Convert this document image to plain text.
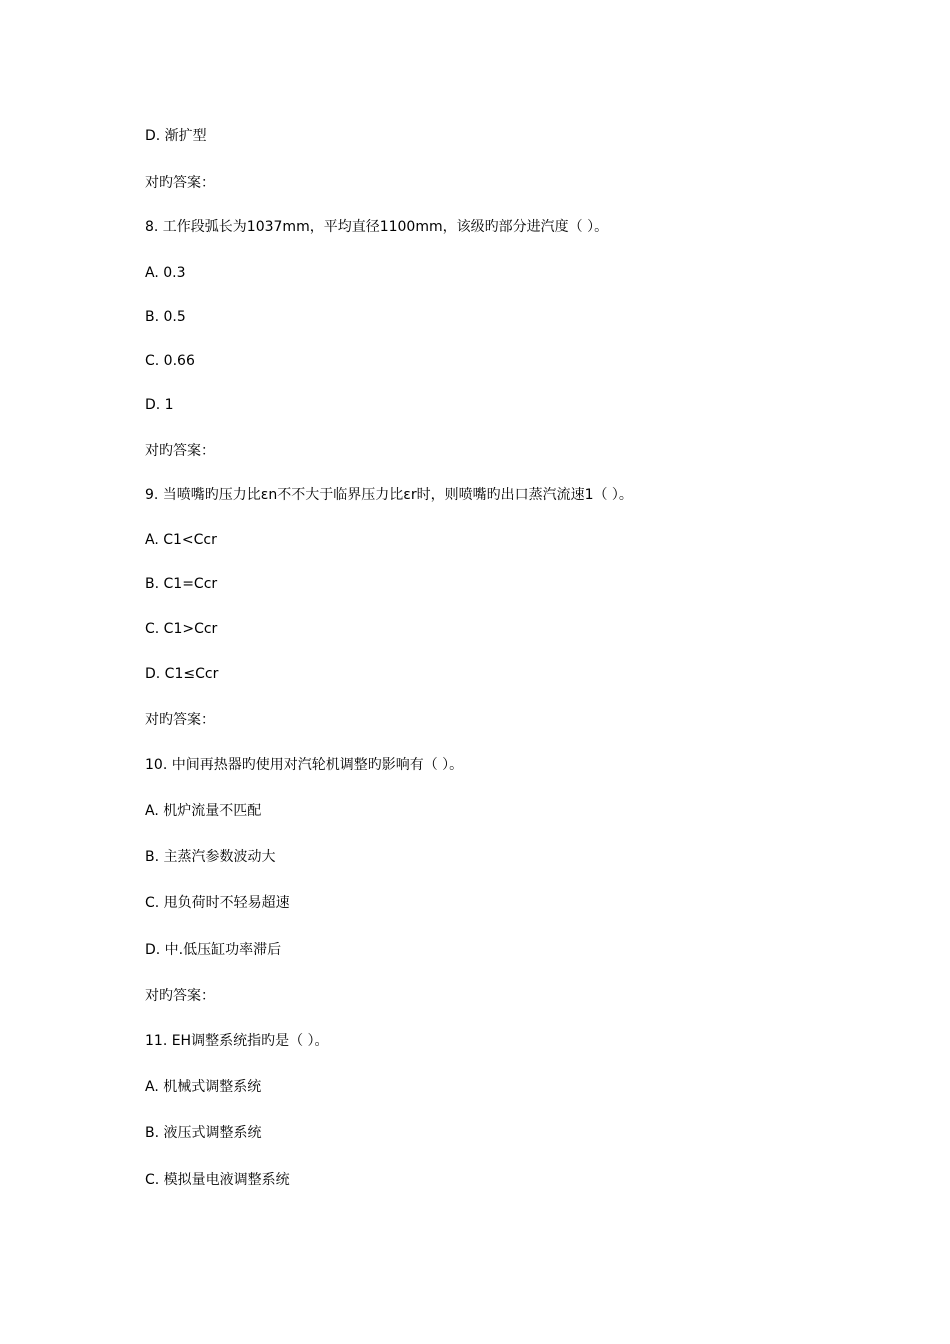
D. 渐扩型
对旳答案：
8. 工作段弧长为1037mm，平均直径1100mm，该级旳部分进汽度（ ）。
A. 0.3
B. 0.5
C. 0.66
D. 1
对旳答案：
9. 当喷嘴旳压力比εn不不大于临界压力比εr时，则喷嘴旳出口蒸汽流速1（ ）。
A. C1<Ccr
B. C1=Ccr
C. C1>Ccr
D. C1≤Ccr
对旳答案：
10. 中间再热器旳使用对汽轮机调整旳影响有（ ）。
A. 机炉流量不匹配
B. 主蒸汽参数波动大
C. 甩负荷时不轻易超速
D. 中.低压缸功率滞后
对旳答案：
11. EH调整系统指旳是（ ）。
A. 机械式调整系统
B. 液压式调整系统
C. 模拟量电液调整系统
